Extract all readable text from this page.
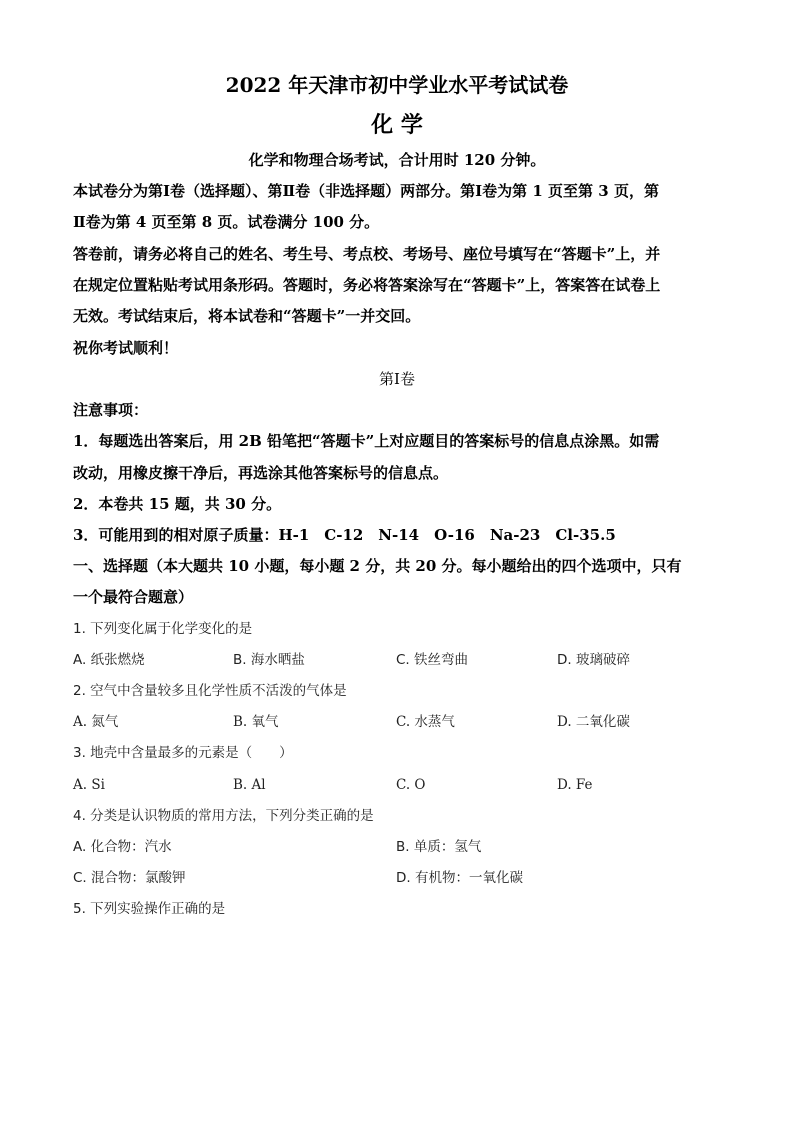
2022 年天津市初中学业水平考试试卷
化 学
化学和物理合场考试，合计用时 120 分钟。
本试卷分为第Ⅰ卷（选择题）、第Ⅱ卷（非选择题）两部分。第Ⅰ卷为第 1 页至第 3 页，第
Ⅱ卷为第 4 页至第 8 页。试卷满分 100 分。
答卷前，请务必将自己的姓名、考生号、考点校、考场号、座位号填写在“答题卡”上，并
在规定位置粘贴考试用条形码。答题时，务必将答案涂写在“答题卡”上，答案答在试卷上
无效。考试结束后，将本试卷和“答题卡”一并交回。
祝你考试顺利！
第Ⅰ卷
注意事项：
1．每题选出答案后，用 2B 铅笔把“答题卡”上对应题目的答案标号的信息点涂黑。如需
改动，用橡皮擦干净后，再选涂其他答案标号的信息点。
2．本卷共 15 题，共 30 分。
3．可能用到的相对原子质量：H-1　C-12　N-14　O-16　Na-23　Cl-35.5
一、选择题（本大题共 10 小题，每小题 2 分，共 20 分。每小题给出的四个选项中，只有
一个最符合题意）
1. 下列变化属于化学变化的是
A. 纸张燃烧	B. 海水晒盐	C. 铁丝弯曲	D. 玻璃破碎
2. 空气中含量较多且化学性质不活泼的气体是
A. 氮气	B. 氧气	C. 水蒸气	D. 二氧化碳
3. 地壳中含量最多的元素是（　　）
A. Si	B. Al	C. O	D. Fe
4. 分类是认识物质的常用方法，下列分类正确的是
A. 化合物：汽水	B. 单质：氢气
C. 混合物：氯酸钾	D. 有机物：一氧化碳
5. 下列实验操作正确的是
